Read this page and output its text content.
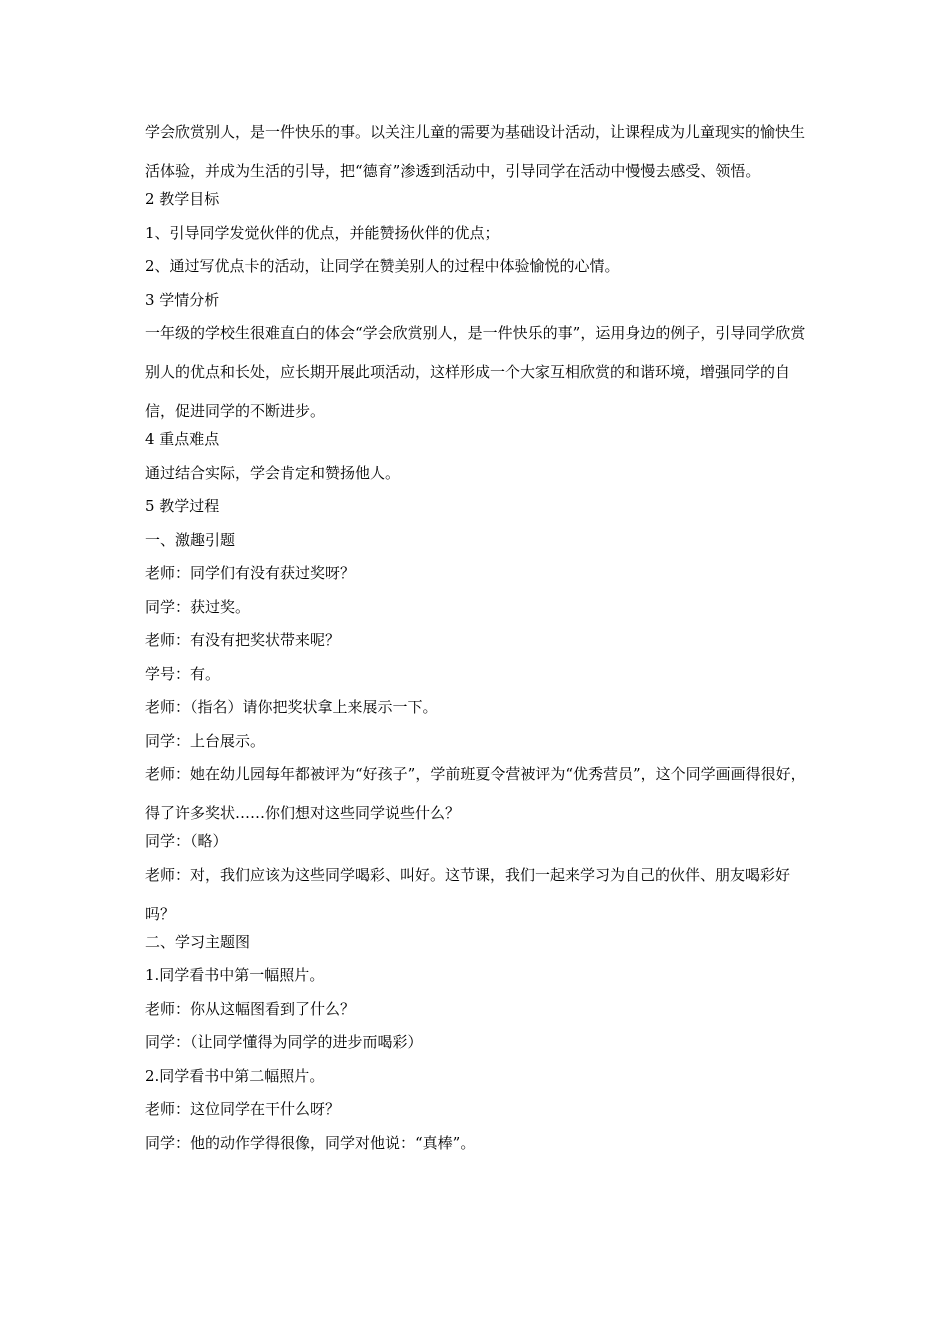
学会欣赏别人，是一件快乐的事。以关注儿童的需要为基础设计活动，让课程成为儿童现实的愉快生活体验，并成为生活的引导，把“德育”渗透到活动中，引导同学在活动中慢慢去感受、领悟。
2 教学目标
1、引导同学发觉伙伴的优点，并能赞扬伙伴的优点；
2、通过写优点卡的活动，让同学在赞美别人的过程中体验愉悦的心情。
3 学情分析
一年级的学校生很难直白的体会“学会欣赏别人，是一件快乐的事”，运用身边的例子，引导同学欣赏别人的优点和长处，应长期开展此项活动，这样形成一个大家互相欣赏的和谐环境，增强同学的自信，促进同学的不断进步。
4 重点难点
通过结合实际，学会肯定和赞扬他人。
5 教学过程
一、激趣引题
老师：同学们有没有获过奖呀？
同学：获过奖。
老师：有没有把奖状带来呢？
学号：有。
老师：（指名）请你把奖状拿上来展示一下。
同学：上台展示。
老师：她在幼儿园每年都被评为“好孩子”，学前班夏令营被评为“优秀营员”，这个同学画画得很好，得了许多奖状……你们想对这些同学说些什么？
同学：（略）
老师：对，我们应该为这些同学喝彩、叫好。这节课，我们一起来学习为自己的伙伴、朋友喝彩好吗？
二、学习主题图
1.同学看书中第一幅照片。
老师：你从这幅图看到了什么？
同学：（让同学懂得为同学的进步而喝彩）
2.同学看书中第二幅照片。
老师：这位同学在干什么呀？
同学：他的动作学得很像，同学对他说：“真棒”。
